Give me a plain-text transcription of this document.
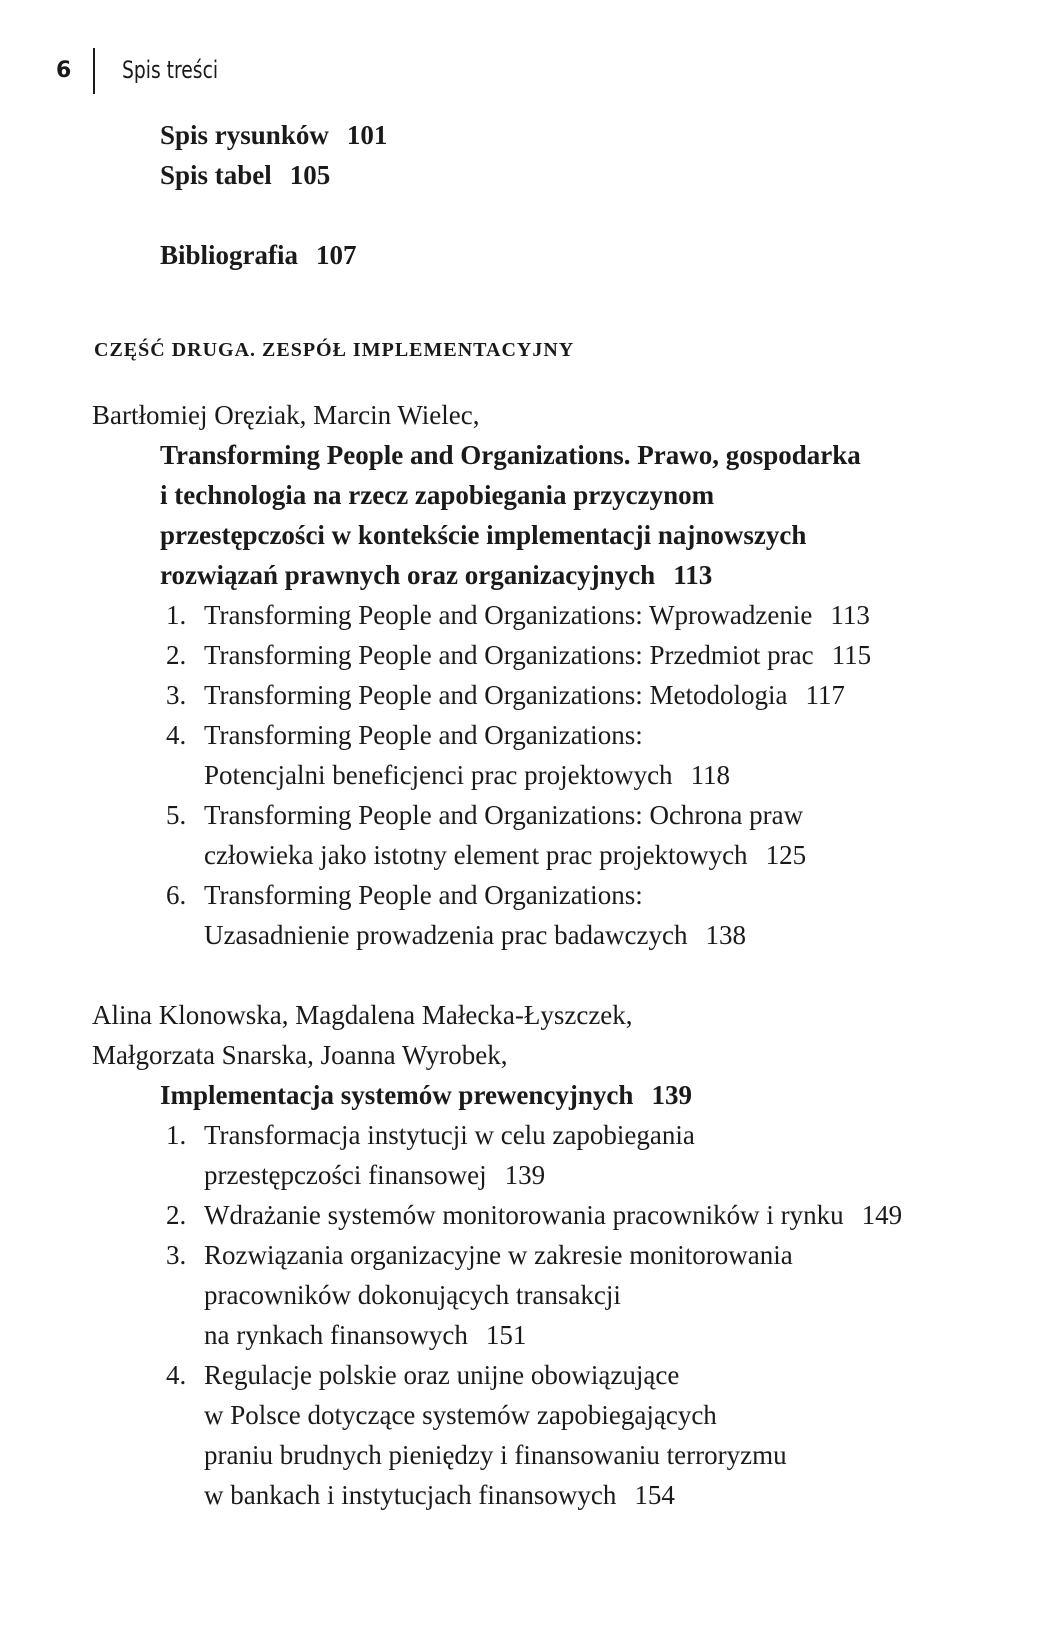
6 Spis treści
Spis rysunków 101
Spis tabel 105
Bibliografia 107
CZĘŚĆ DRUGA. ZESPÓŁ IMPLEMENTACYJNY
Bartłomiej Oręziak, Marcin Wielec,
Transforming People and Organizations. Prawo, gospodarka
i technologia na rzecz zapobiegania przyczynom
przestępczości w kontekście implementacji najnowszych
rozwiązań prawnych oraz organizacyjnych 113
1. Transforming People and Organizations: Wprowadzenie 113
2. Transforming People and Organizations: Przedmiot prac 115
3. Transforming People and Organizations: Metodologia 117
4. Transforming People and Organizations:
Potencjalni beneficjenci prac projektowych 118
5. Transforming People and Organizations: Ochrona praw
człowieka jako istotny element prac projektowych 125
6. Transforming People and Organizations:
Uzasadnienie prowadzenia prac badawczych 138
Alina Klonowska, Magdalena Małecka-Łyszczek,
Małgorzata Snarska, Joanna Wyrobek,
Implementacja systemów prewencyjnych 139
1. Transformacja instytucji w celu zapobiegania
przestępczości finansowej 139
2. Wdrażanie systemów monitorowania pracowników i rynku 149
3. Rozwiązania organizacyjne w zakresie monitorowania
pracowników dokonujących transakcji
na rynkach finansowych 151
4. Regulacje polskie oraz unijne obowiązujące
w Polsce dotyczące systemów zapobiegających
praniu brudnych pieniędzy i finansowaniu terroryzmu
w bankach i instytucjach finansowych 154
